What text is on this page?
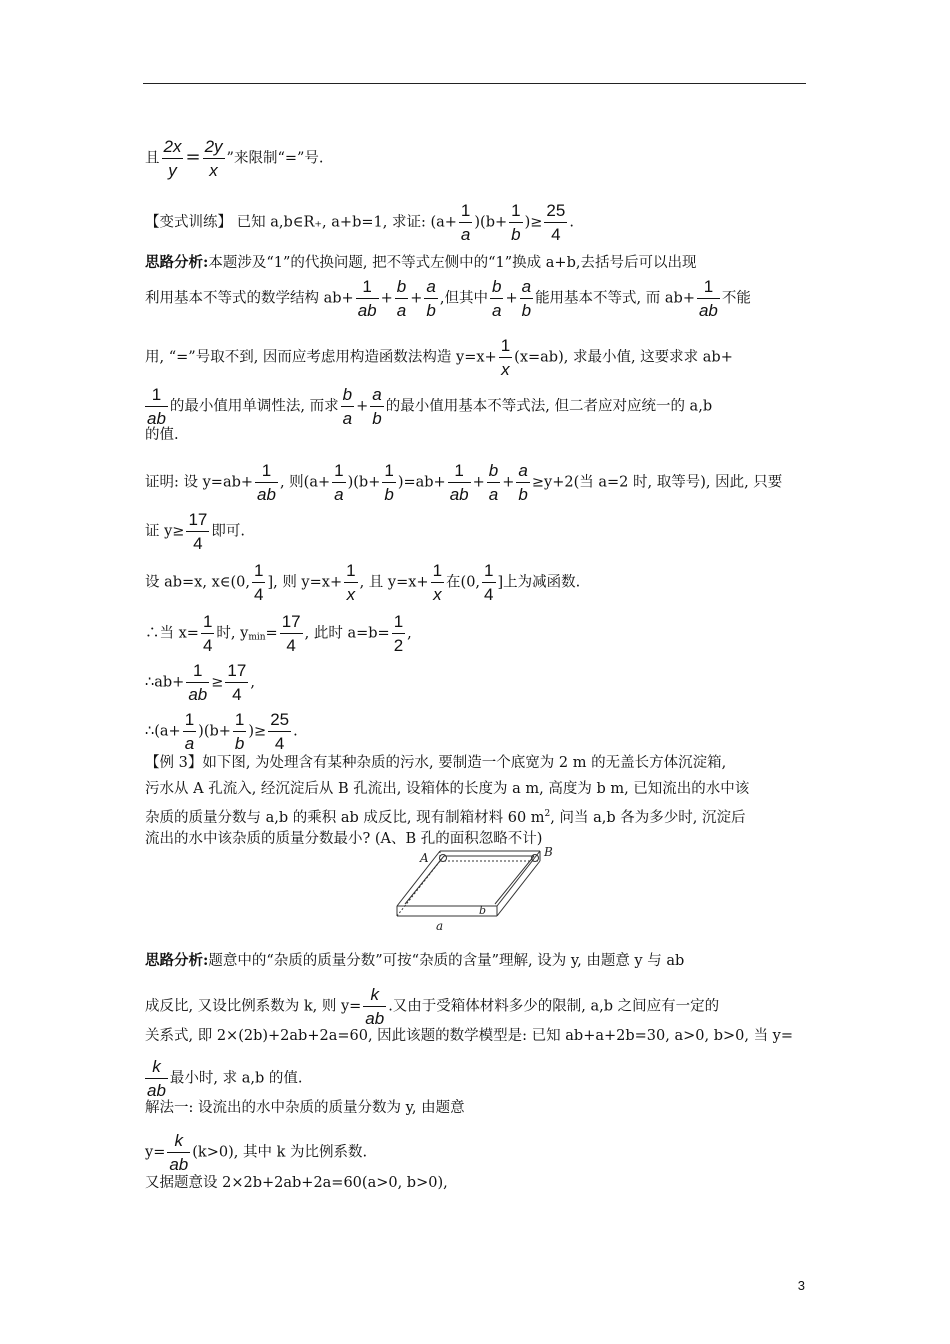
且 $\frac{2x}{y} = \frac{2y}{x}$ ”来限制“=”号.
【变式训练】 已知 a,b∈R₊, a+b=1, 求证: $(a+ \frac{1}{a} )(b+ \frac{1}{b}$ )≥ $\frac{25}{4}$ .
思路分析:本题涉及“1”的代换问题, 把不等式左侧中的“1”换成 a+b,去括号后可以出现
利用基本不等式的数学结构 $ab+ \frac{1}{ab} + \frac{b}{a} + \frac{a}{b}$ ,但其中 $\frac{b}{a} + \frac{a}{b}$ 能用基本不等式, 而 $ab+ \frac{1}{ab}$ 不能
用, “=”号取不到, 因而应考虑用构造函数法构造 $y=x+ \frac{1}{x} (x=ab)$, 求最小值, 这要求求 ab+
$\frac{1}{ab}$ 的最小值用单调性法, 而求 $\frac{b}{a} + \frac{a}{b}$ 的最小值用基本不等式法, 但二者应对应统一的 a,b
的值.
证明: 设 $y=ab+ \frac{1}{ab}$ , 则$(a+ \frac{1}{a} )(b+ \frac{1}{b} )=ab+ \frac{1}{ab} + \frac{b}{a} + \frac{a}{b} \ge y+2$(当 a=2 时, 取等号), 因此, 只要
证 $y\ge \frac{17}{4}$ 即可.
设 ab=x, x∈(0, $\frac{1}{4}$ ], 则 $y=x+ \frac{1}{x}$ , 且 $y=x+ \frac{1}{x}$ 在(0, $\frac{1}{4}$ ]上为减函数.
∴当 $x= \frac{1}{4}$ 时, $y_{min}= \frac{17}{4}$ , 此时 $a=b= \frac{1}{2}$ ,
∴ab+ $\frac{1}{ab} \ge \frac{17}{4}$ ,
∴(a+ $\frac{1}{a} )(b+ \frac{1}{b}$ )≥ $\frac{25}{4}$ .
【例 3】如下图, 为处理含有某种杂质的污水, 要制造一个底宽为 2 m 的无盖长方体沉淀箱,
污水从 A 孔流入, 经沉淀后从 B 孔流出, 设箱体的长度为 a m, 高度为 b m, 已知流出的水中该
杂质的质量分数与 a,b 的乘积 ab 成反比, 现有制箱材料 60 $m^2$, 问当 a,b 各为多少时, 沉淀后
流出的水中该杂质的质量分数最小? (A、B 孔的面积忽略不计)
A	B
a
b
思路分析:题意中的“杂质的质量分数”可按“杂质的含量”理解, 设为 y, 由题意 y 与 ab
成反比, 又设比例系数为 k, 则 $y= \frac{k}{ab}$ .又由于受箱体材料多少的限制, a,b 之间应有一定的
关系式, 即 2×(2b)+2ab+2a=60, 因此该题的数学模型是: 已知 ab+a+2b=30, a>0, b>0, 当 y=
$\frac{k}{ab}$ 最小时, 求 a,b 的值.
解法一: 设流出的水中杂质的质量分数为 y, 由题意
$y= \frac{k}{ab} (k>0)$, 其中 k 为比例系数.
又据题意设 2×2b+2ab+2a=60(a>0, b>0),
3
